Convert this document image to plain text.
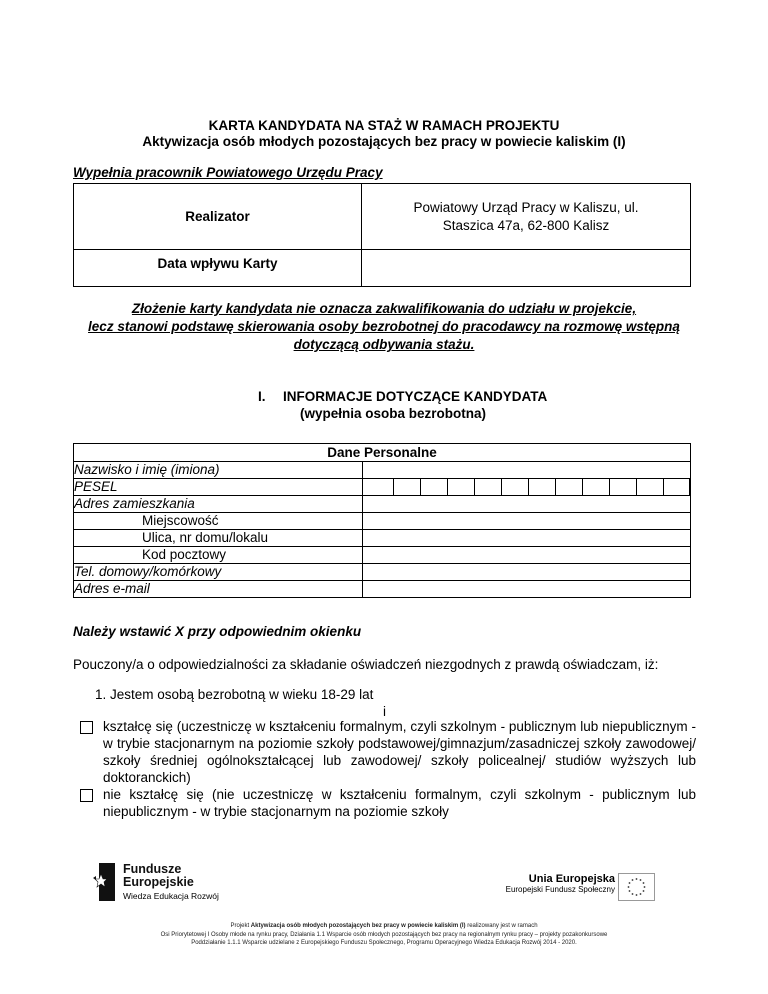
KARTA KANDYDATA NA STAŻ W RAMACH PROJEKTU
Aktywizacja osób młodych pozostających bez pracy w powiecie kaliskim (I)
Wypełnia pracownik Powiatowego Urzędu Pracy
Realizator	Powiatowy Urząd Pracy w Kaliszu, ul. Staszica 47a, 62-800 Kalisz
Data wpływu Karty	
Złożenie karty kandydata nie oznacza zakwalifikowania do udziału w projekcie,
lecz stanowi podstawę skierowania osoby bezrobotnej do pracodawcy na rozmowę wstępną
dotyczącą odbywania stażu.
I. INFORMACJE DOTYCZĄCE KANDYDATA
(wypełnia osoba bezrobotna)
Dane Personalne	
Nazwisko i imię (imiona)	
PESEL	

Adres zamieszkania	
Miejscowość	
Ulica, nr domu/lokalu	
Kod pocztowy	
Tel. domowy/komórkowy	
Adres e-mail	
Należy wstawić X przy odpowiednim okienku
Pouczony/a o odpowiedzialności za składanie oświadczeń niezgodnych z prawdą oświadczam, iż:
1. Jestem osobą bezrobotną w wieku 18-29 lat
i
kształcę się (uczestniczę w kształceniu formalnym, czyli szkolnym - publicznym lub niepublicznym - w trybie stacjonarnym na poziomie szkoły podstawowej/gimnazjum/zasadniczej szkoły zawodowej/ szkoły średniej ogólnokształcącej lub zawodowej/ szkoły policealnej/ studiów wyższych lub doktoranckich)
nie kształcę się (nie uczestniczę w kształceniu formalnym, czyli szkolnym - publicznym lub niepublicznym - w trybie stacjonarnym na poziomie szkoły
Fundusze
Europejskie
Wiedza Edukacja Rozwój
Unia Europejska
Europejski Fundusz Społeczny
Projekt Aktywizacja osób młodych pozostających bez pracy w powiecie kaliskim (I) realizowany jest w ramach
Osi Priorytetowej I Osoby młode na rynku pracy, Działania 1.1 Wsparcie osób młodych pozostających bez pracy na regionalnym rynku pracy – projekty pozakonkursowe
Poddziałanie 1.1.1 Wsparcie udzielane z Europejskiego Funduszu Społecznego, Programu Operacyjnego Wiedza Edukacja Rozwój 2014 - 2020.
